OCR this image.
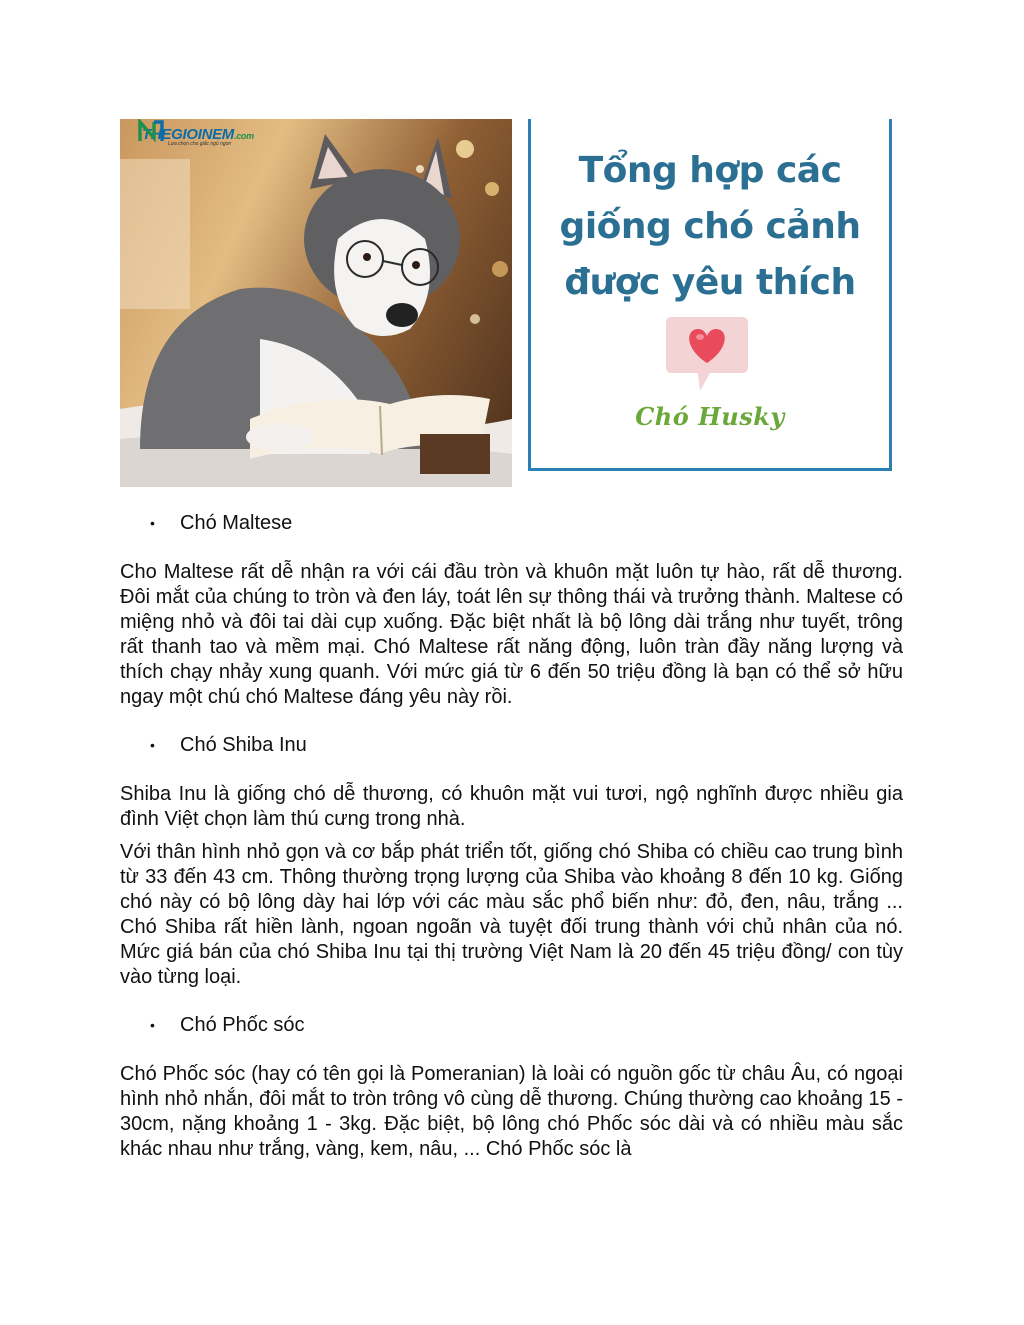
THEGIOINEM.com
Lựa chọn cho giấc ngủ ngon
Tổng hợp các
giống chó cảnh
được yêu thích
Chó Husky
•	Chó Maltese
Cho Maltese rất dễ nhận ra với cái đầu tròn và khuôn mặt luôn tự hào, rất dễ thương. Đôi mắt của chúng to tròn và đen láy, toát lên sự thông thái và trưởng thành. Maltese có miệng nhỏ và đôi tai dài cụp xuống. Đặc biệt nhất là bộ lông dài trắng như tuyết, trông rất thanh tao và mềm mại. Chó Maltese rất năng động, luôn tràn đầy năng lượng và thích chạy nhảy xung quanh. Với mức giá từ 6 đến 50 triệu đồng là bạn có thể sở hữu ngay một chú chó Maltese đáng yêu này rồi.
•	Chó Shiba Inu
Shiba Inu là giống chó dễ thương, có khuôn mặt vui tươi, ngộ nghĩnh được nhiều gia đình Việt chọn làm thú cưng trong nhà.
Với thân hình nhỏ gọn và cơ bắp phát triển tốt, giống chó Shiba có chiều cao trung bình từ 33 đến 43 cm. Thông thường trọng lượng của Shiba vào khoảng 8 đến 10 kg. Giống chó này có bộ lông dày hai lớp với các màu sắc phổ biến như: đỏ, đen, nâu, trắng ... Chó Shiba rất hiền lành, ngoan ngoãn và tuyệt đối trung thành với chủ nhân của nó. Mức giá bán của chó Shiba Inu tại thị trường Việt Nam là 20 đến 45 triệu đồng/ con tùy vào từng loại.
•	Chó Phốc sóc
Chó Phốc sóc (hay có tên gọi là Pomeranian) là loài có nguồn gốc từ châu Âu, có ngoại hình nhỏ nhắn, đôi mắt to tròn trông vô cùng dễ thương. Chúng thường cao khoảng 15 - 30cm, nặng khoảng 1 - 3kg. Đặc biệt, bộ lông chó Phốc sóc dài và có nhiều màu sắc khác nhau như trắng, vàng, kem, nâu, ... Chó Phốc sóc là
